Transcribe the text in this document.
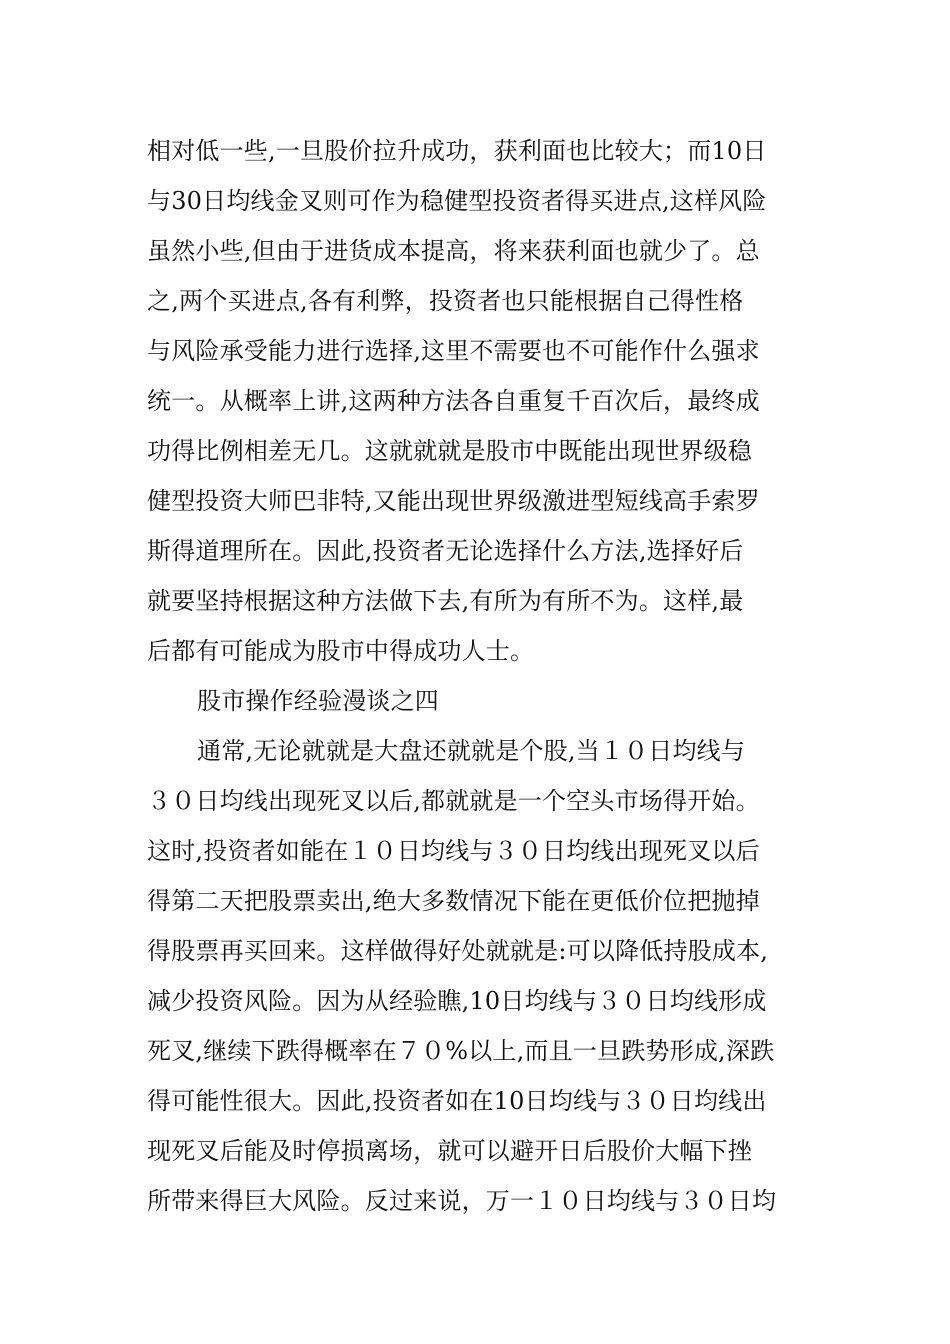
相对低一些,一旦股价拉升成功，获利面也比较大；而10日
与30日均线金叉则可作为稳健型投资者得买进点,这样风险
虽然小些,但由于进货成本提高，将来获利面也就少了。总
之,两个买进点,各有利弊，投资者也只能根据自己得性格
与风险承受能力进行选择,这里不需要也不可能作什么强求
统一。从概率上讲,这两种方法各自重复千百次后，最终成
功得比例相差无几。这就就就是股市中既能出现世界级稳
健型投资大师巴非特,又能出现世界级激进型短线高手索罗
斯得道理所在。因此,投资者无论选择什么方法,选择好后
就要坚持根据这种方法做下去,有所为有所不为。这样,最
后都有可能成为股市中得成功人士。
股市操作经验漫谈之四
通常,无论就就是大盘还就就是个股,当１０日均线与
３０日均线出现死叉以后,都就就是一个空头市场得开始。
这时,投资者如能在１０日均线与３０日均线出现死叉以后
得第二天把股票卖出,绝大多数情况下能在更低价位把抛掉
得股票再买回来。这样做得好处就就是:可以降低持股成本,
减少投资风险。因为从经验瞧,10日均线与３０日均线形成
死叉,继续下跌得概率在７０%以上,而且一旦跌势形成,深跌
得可能性很大。因此,投资者如在10日均线与３０日均线出
现死叉后能及时停损离场，就可以避开日后股价大幅下挫
所带来得巨大风险。反过来说，万一１０日均线与３０日均
